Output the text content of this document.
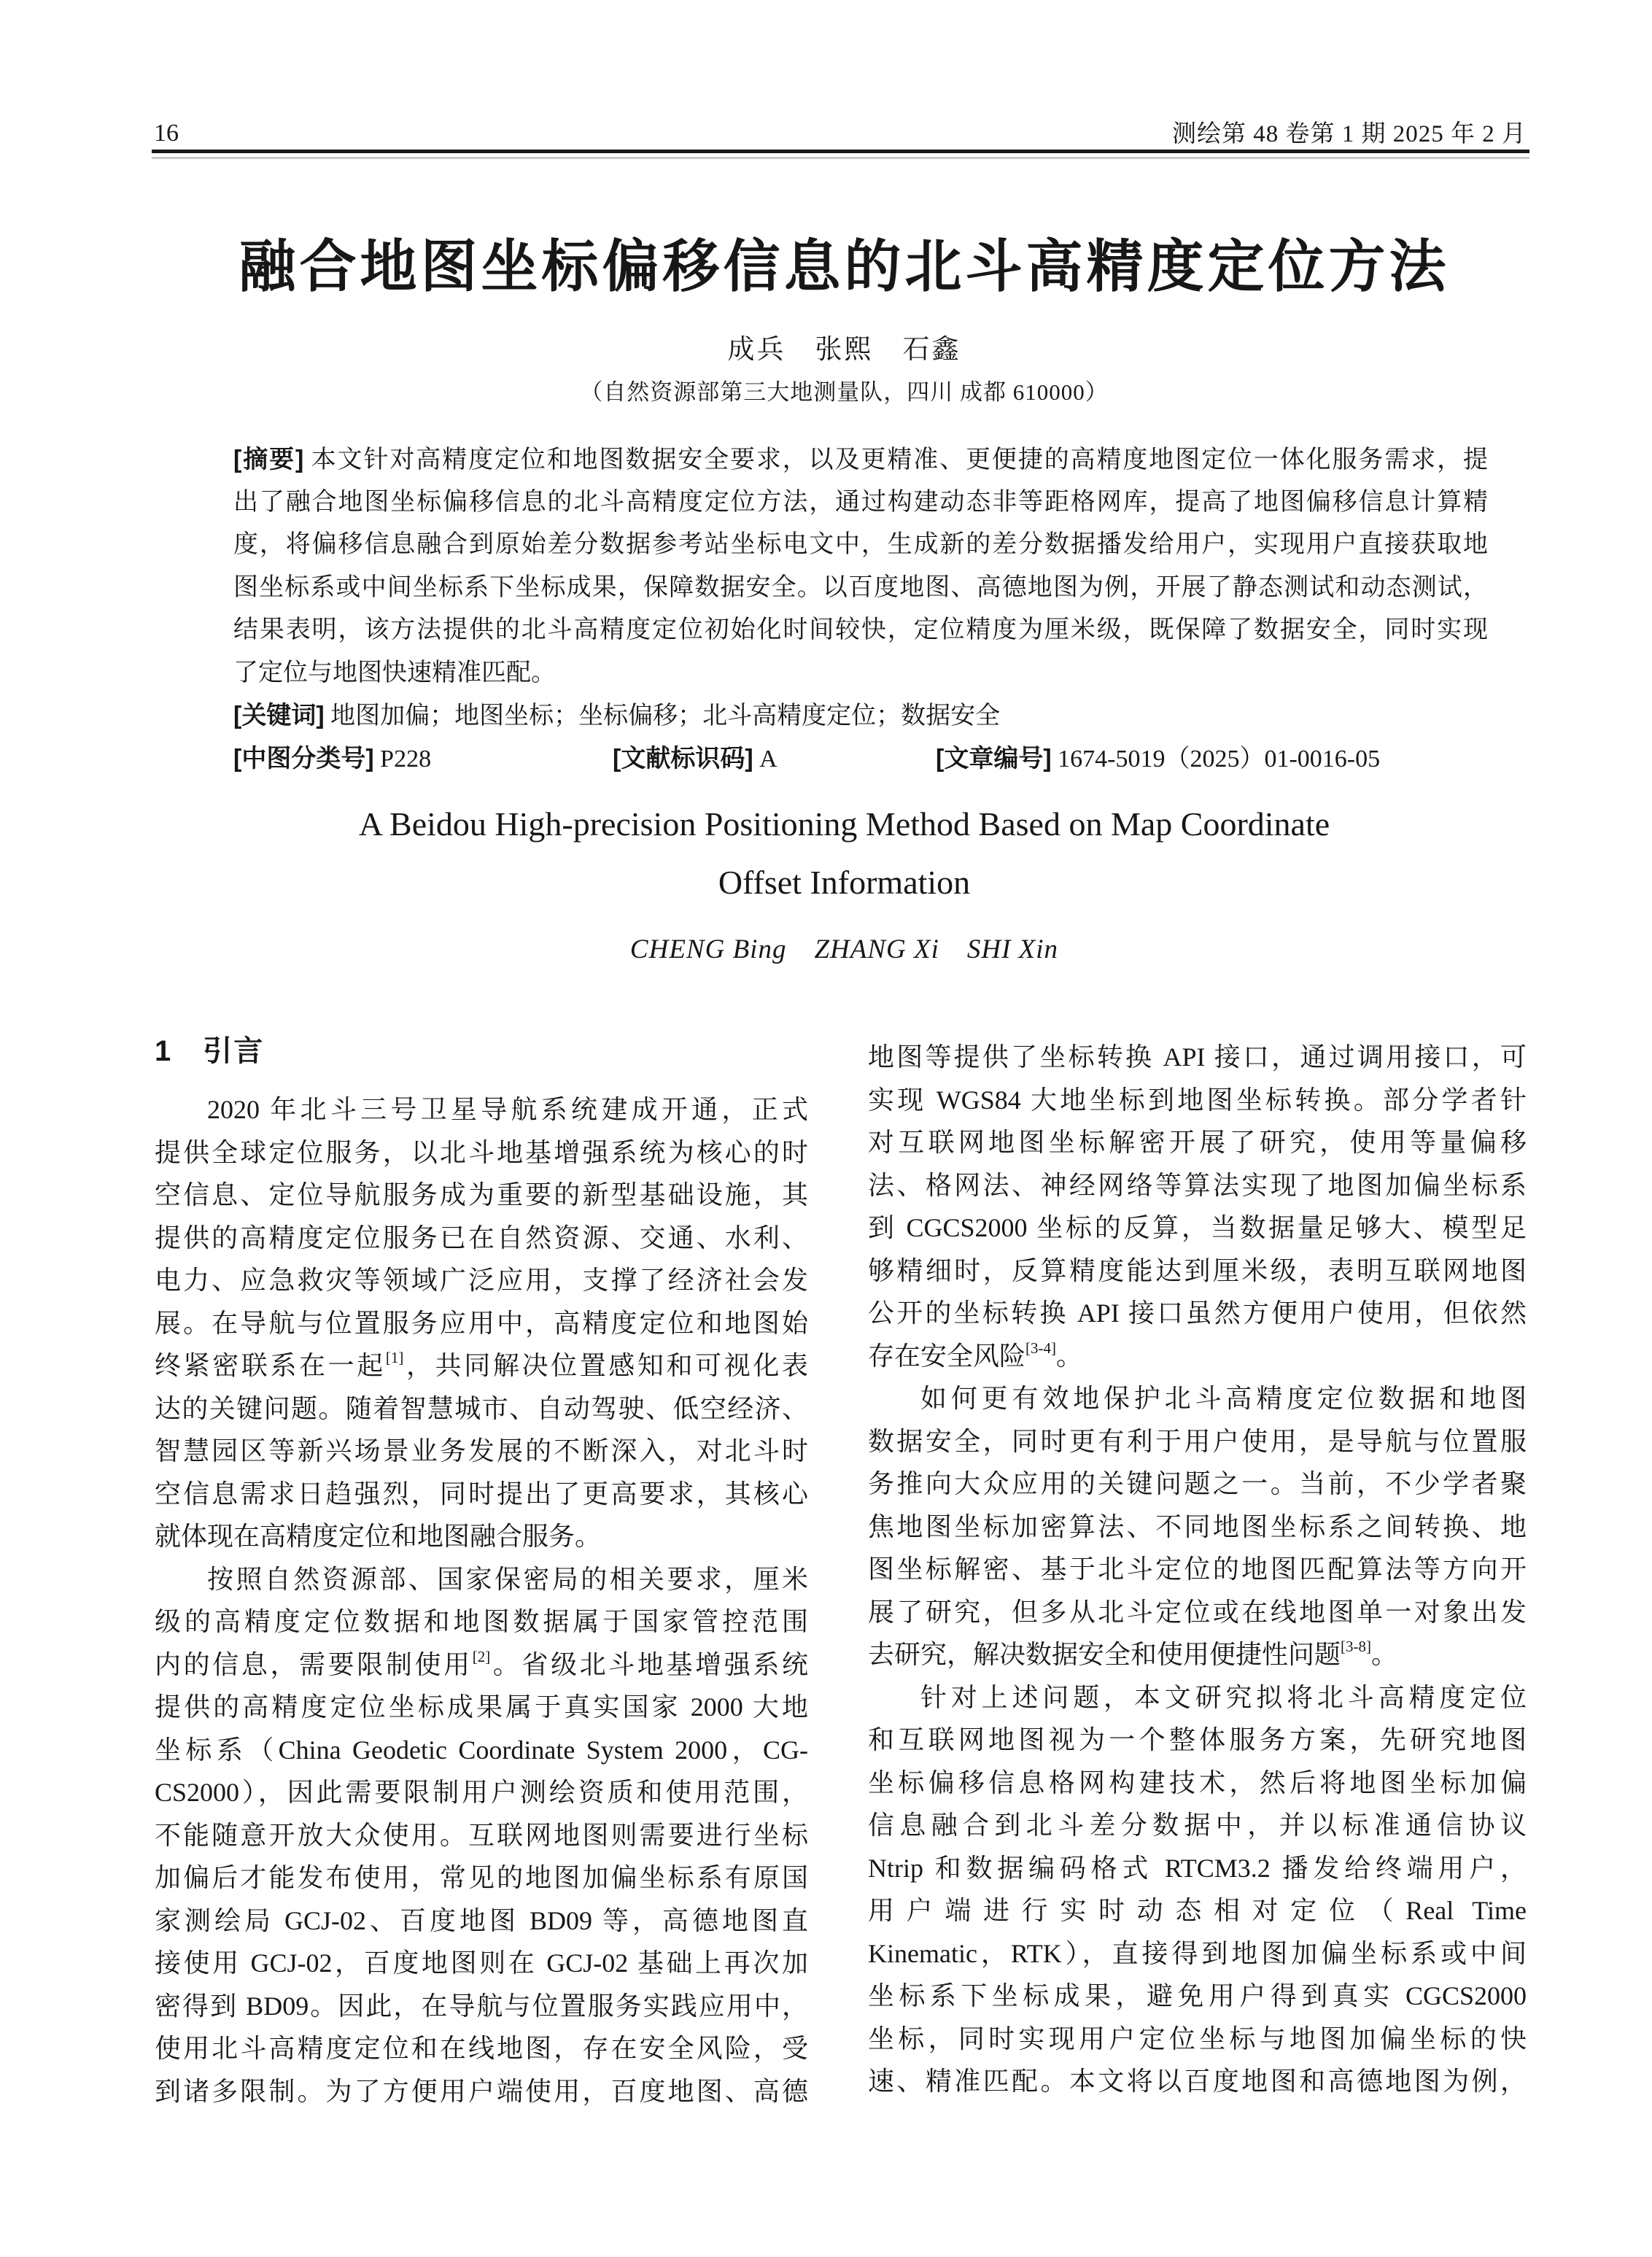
16	测绘第 48 卷第 1 期 2025 年 2 月
融合地图坐标偏移信息的北斗高精度定位方法
成兵　张熙　石鑫
（自然资源部第三大地测量队，四川 成都 610000）
[摘要] 本文针对高精度定位和地图数据安全要求，以及更精准、更便捷的高精度地图定位一体化服务需求，提
出了融合地图坐标偏移信息的北斗高精度定位方法，通过构建动态非等距格网库，提高了地图偏移信息计算精
度，将偏移信息融合到原始差分数据参考站坐标电文中，生成新的差分数据播发给用户，实现用户直接获取地
图坐标系或中间坐标系下坐标成果，保障数据安全。以百度地图、高德地图为例，开展了静态测试和动态测试，
结果表明，该方法提供的北斗高精度定位初始化时间较快，定位精度为厘米级，既保障了数据安全，同时实现
了定位与地图快速精准匹配。
[关键词] 地图加偏；地图坐标；坐标偏移；北斗高精度定位；数据安全
[中图分类号] P228	[文献标识码] A	[文章编号] 1674-5019（2025）01-0016-05
A Beidou High-precision Positioning Method Based on Map Coordinate
Offset Information
CHENG Bing　ZHANG Xi　SHI Xin
1　引言
2020 年北斗三号卫星导航系统建成开通，正式
提供全球定位服务，以北斗地基增强系统为核心的时
空信息、定位导航服务成为重要的新型基础设施，其
提供的高精度定位服务已在自然资源、交通、水利、
电力、应急救灾等领域广泛应用，支撑了经济社会发
展。在导航与位置服务应用中，高精度定位和地图始
终紧密联系在一起[1]，共同解决位置感知和可视化表
达的关键问题。随着智慧城市、自动驾驶、低空经济、
智慧园区等新兴场景业务发展的不断深入，对北斗时
空信息需求日趋强烈，同时提出了更高要求，其核心
就体现在高精度定位和地图融合服务。
按照自然资源部、国家保密局的相关要求，厘米
级的高精度定位数据和地图数据属于国家管控范围
内的信息，需要限制使用[2]。省级北斗地基增强系统
提供的高精度定位坐标成果属于真实国家 2000 大地
坐标系（China Geodetic Coordinate System 2000，CG-
CS2000），因此需要限制用户测绘资质和使用范围，
不能随意开放大众使用。互联网地图则需要进行坐标
加偏后才能发布使用，常见的地图加偏坐标系有原国
家测绘局 GCJ-02、百度地图 BD09 等，高德地图直
接使用 GCJ-02，百度地图则在 GCJ-02 基础上再次加
密得到 BD09。因此，在导航与位置服务实践应用中，
使用北斗高精度定位和在线地图，存在安全风险，受
到诸多限制。为了方便用户端使用，百度地图、高德
地图等提供了坐标转换 API 接口，通过调用接口，可
实现 WGS84 大地坐标到地图坐标转换。部分学者针
对互联网地图坐标解密开展了研究，使用等量偏移
法、格网法、神经网络等算法实现了地图加偏坐标系
到 CGCS2000 坐标的反算，当数据量足够大、模型足
够精细时，反算精度能达到厘米级，表明互联网地图
公开的坐标转换 API 接口虽然方便用户使用，但依然
存在安全风险[3-4]。
如何更有效地保护北斗高精度定位数据和地图
数据安全，同时更有利于用户使用，是导航与位置服
务推向大众应用的关键问题之一。当前，不少学者聚
焦地图坐标加密算法、不同地图坐标系之间转换、地
图坐标解密、基于北斗定位的地图匹配算法等方向开
展了研究，但多从北斗定位或在线地图单一对象出发
去研究，解决数据安全和使用便捷性问题[3-8]。
针对上述问题，本文研究拟将北斗高精度定位
和互联网地图视为一个整体服务方案，先研究地图
坐标偏移信息格网构建技术，然后将地图坐标加偏
信息融合到北斗差分数据中，并以标准通信协议
Ntrip 和数据编码格式 RTCM3.2 播发给终端用户，
用户端进行实时动态相对定位（Real Time
Kinematic，RTK），直接得到地图加偏坐标系或中间
坐标系下坐标成果，避免用户得到真实 CGCS2000
坐标，同时实现用户定位坐标与地图加偏坐标的快
速、精准匹配。本文将以百度地图和高德地图为例，
